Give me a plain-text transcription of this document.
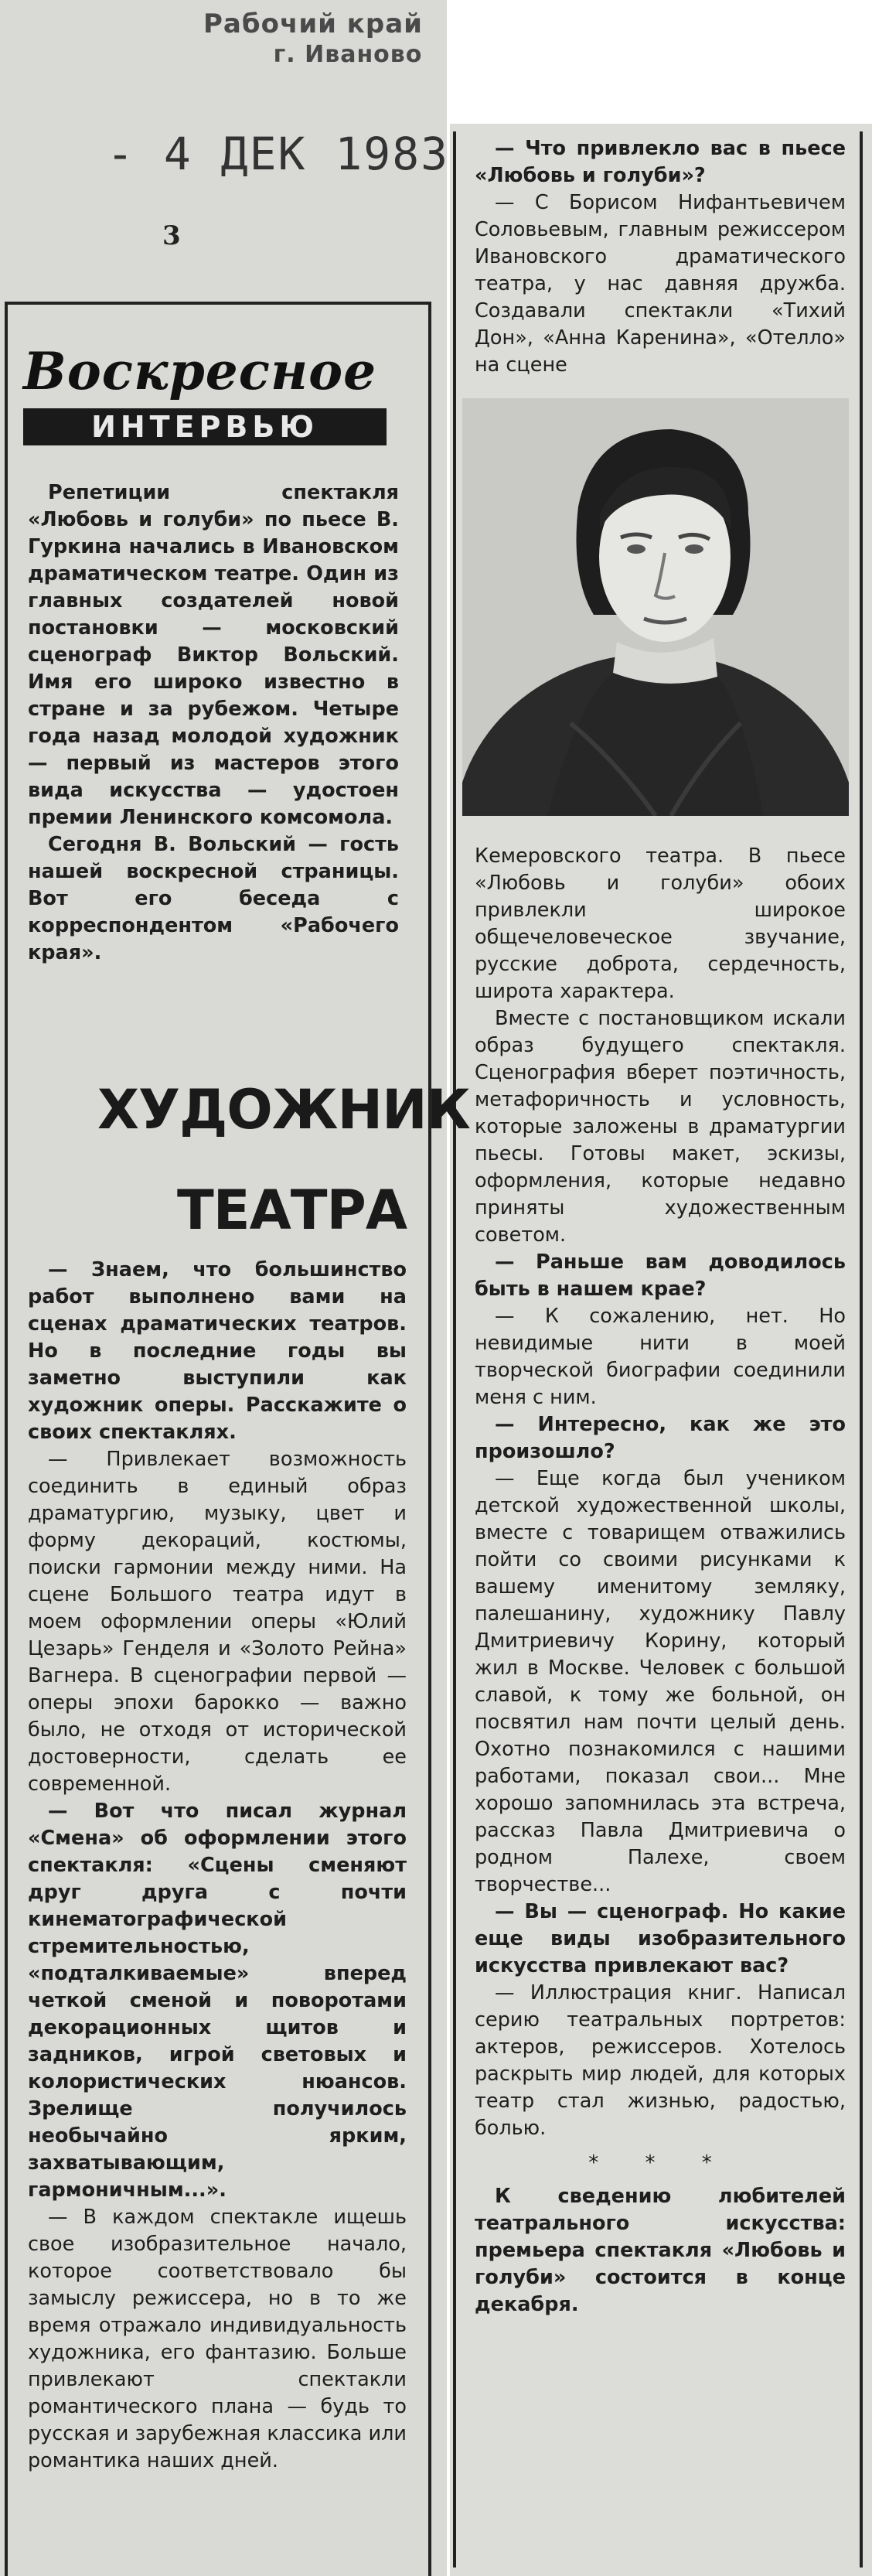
Рабочий край
г. Иваново
- 4 ДЕК 1983
3
Воскресное
ИНТЕРВЬЮ

Репетиции спектакля «Любовь и голуби» по пьесе В. Гуркина начались в Ивановском драматическом театре. Один из главных создателей новой постановки — московский сценограф Виктор Вольский. Имя его широко известно в стране и за рубежом. Четыре года назад молодой художник — первый из мастеров этого вида искусства — удостоен премии Ленинского комсомола.

Сегодня В. Вольский — гость нашей воскресной страницы. Вот его беседа с корреспондентом «Рабочего края».

ХУДОЖНИК
ТЕАТРА

— Знаем, что большинство работ выполнено вами на сценах драматических театров. Но в последние годы вы заметно выступили как художник оперы. Расскажите о своих спектаклях.

— Привлекает возможность соединить в единый образ драматургию, музыку, цвет и форму декораций, костюмы, поиски гармонии между ними. На сцене Большого театра идут в моем оформлении оперы «Юлий Цезарь» Генделя и «Золото Рейна» Вагнера. В сценографии первой — оперы эпохи барокко — важно было, не отходя от исторической достоверности, сделать ее современной.

— Вот что писал журнал «Смена» об оформлении этого спектакля: «Сцены сменяют друг друга с почти кинематографической стремительностью, «подталкиваемые» вперед четкой сменой и поворотами декорационных щитов и задников, игрой световых и колористических нюансов. Зрелище получилось необычайно ярким, захватывающим, гармоничным...».

— В каждом спектакле ищешь свое изобразительное начало, которое соответствовало бы замыслу режиссера, но в то же время отражало индивидуальность художника, его фантазию. Больше привлекают спектакли романтического плана — будь то русская и зарубежная классика или романтика наших дней.

— Что привлекло вас в пьесе «Любовь и голуби»?

— С Борисом Нифантьевичем Соловьевым, главным режиссером Ивановского драматического театра, у нас давняя дружба. Создавали спектакли «Тихий Дон», «Анна Каренина», «Отелло» на сцене

Кемеровского театра. В пьесе «Любовь и голуби» обоих привлекли широкое общечеловеческое звучание, русские доброта, сердечность, широта характера.

Вместе с постановщиком искали образ будущего спектакля. Сценография вберет поэтичность, метафоричность и условность, которые заложены в драматургии пьесы. Готовы макет, эскизы, оформления, которые недавно приняты художественным советом.

— Раньше вам доводилось быть в нашем крае?

— К сожалению, нет. Но невидимые нити в моей творческой биографии соединили меня с ним.

— Интересно, как же это произошло?

— Еще когда был учеником детской художественной школы, вместе с товарищем отважились пойти со своими рисунками к вашему именитому земляку, палешанину, художнику Павлу Дмитриевичу Корину, который жил в Москве. Человек с большой славой, к тому же больной, он посвятил нам почти целый день. Охотно познакомился с нашими работами, показал свои... Мне хорошо запомнилась эта встреча, рассказ Павла Дмитриевича о родном Палехе, своем творчестве...

— Вы — сценограф. Но какие еще виды изобразительного искусства привлекают вас?

— Иллюстрация книг. Написал серию театральных портретов: актеров, режиссеров. Хотелось раскрыть мир людей, для которых театр стал жизнью, радостью, болью.

* * *

К сведению любителей театрального искусства: премьера спектакля «Любовь и голуби» состоится в конце декабря.
